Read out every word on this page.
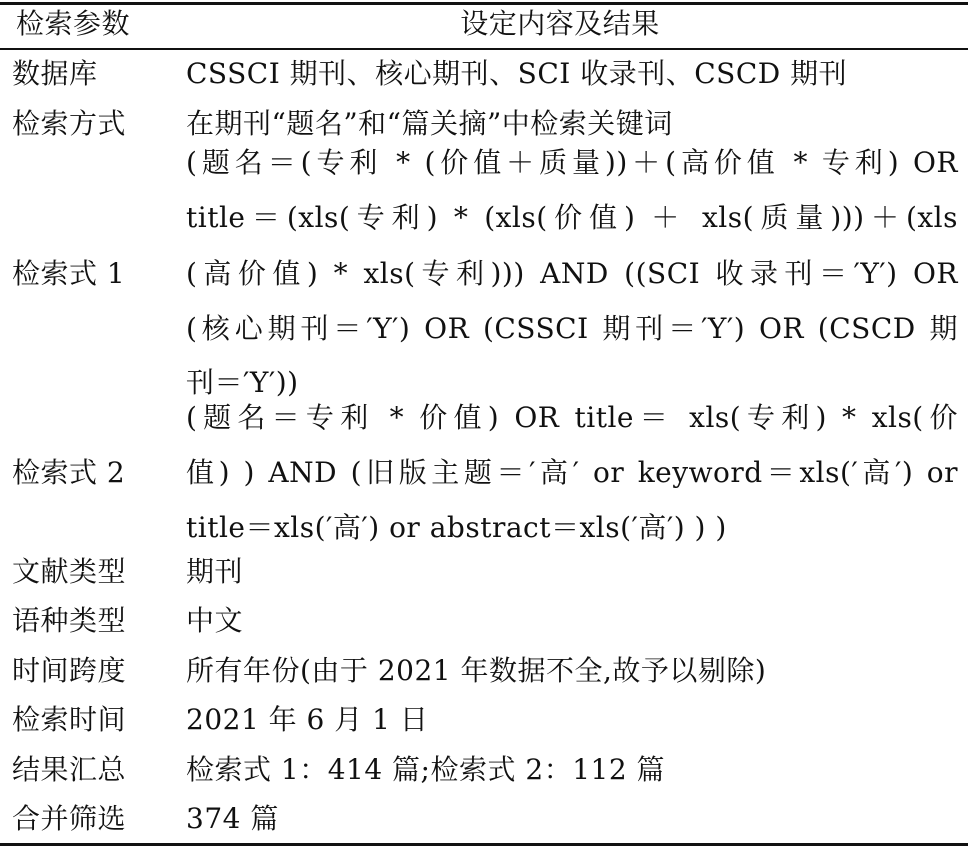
检索参数	设定内容及结果
数据库	CSSCI 期刊、核心期刊、SCI 收录刊、CSCD 期刊
检索方式 在期刊“题名”和“篇关摘”中检索关键词
检索式 1
(题名＝(专利 * (价值＋质量))＋(高价值 * 专利) OR
title＝(xls(专利) * (xls(价值) ＋ xls(质量)))＋(xls
(高价值) * xls(专利))) AND ((SCI 收录刊＝′Y′) OR
(核心期刊＝′Y′) OR (CSSCI 期刊＝′Y′) OR (CSCD 期
刊＝′Y′))
检索式 2
(题名＝专利 * 价值) OR title＝ xls(专利) * xls(价
值) ) AND (旧版主题＝′高′ or keyword＝xls(′高′) or
title＝xls(′高′) or abstract＝xls(′高′) ) )
文献类型 期刊
语种类型 中文
时间跨度 所有年份(由于 2021 年数据不全,故予以剔除)
检索时间 2021 年 6 月 1 日
结果汇总 检索式 1：414 篇;检索式 2：112 篇
合并筛选 374 篇
